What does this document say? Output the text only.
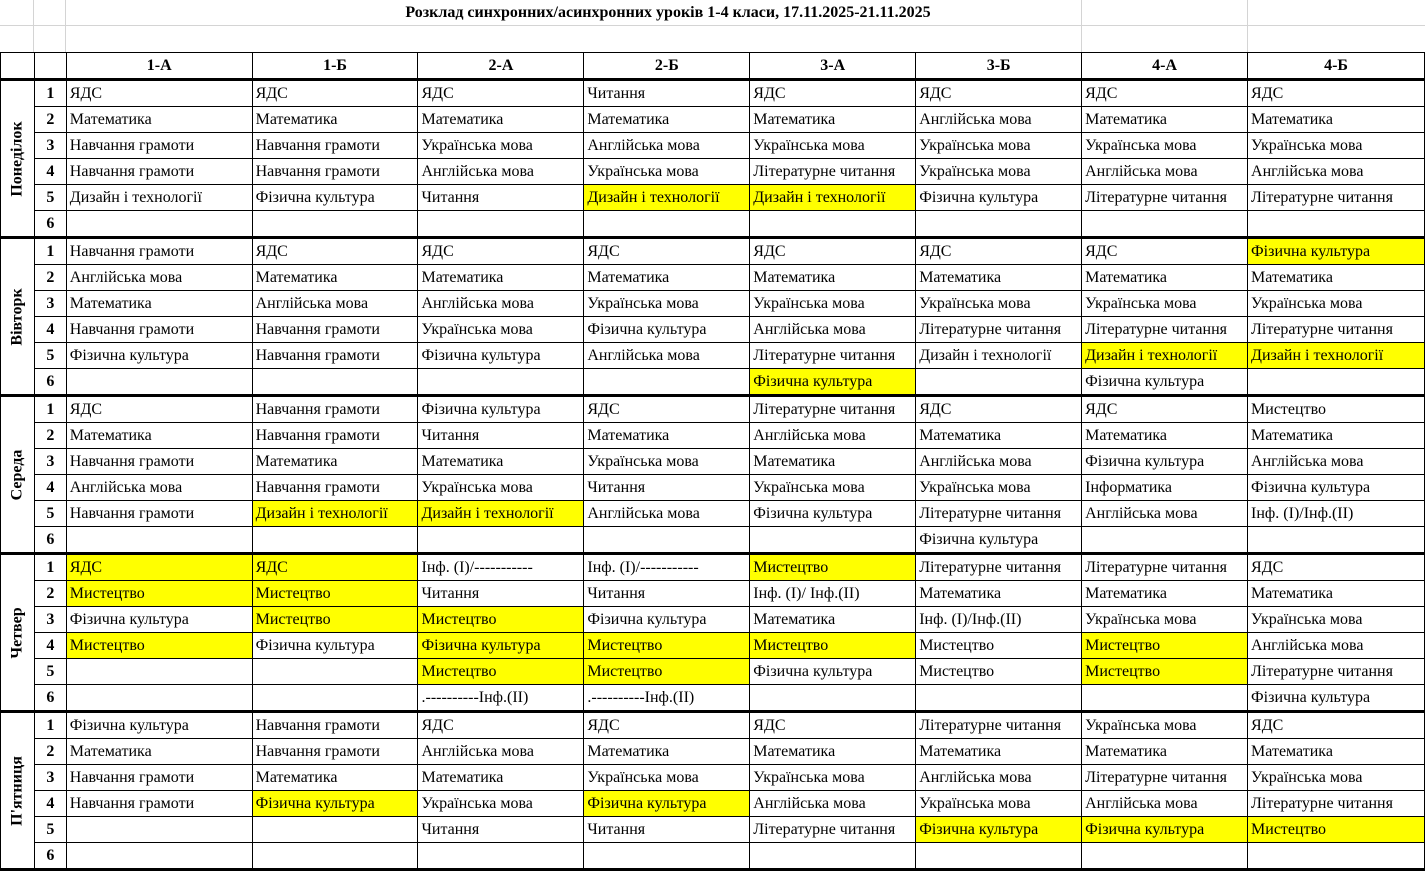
Розклад синхронних/асинхронних уроків 1-4 класи, 17.11.2025-21.11.2025
		1-А	1-Б	2-А	2-Б	3-А	3-Б	4-А	4-Б

Понеділок	1	ЯДС	ЯДС	ЯДС	Читання	ЯДС	ЯДС	ЯДС	ЯДС
	2	Математика	Математика	Математика	Математика	Математика	Англійська мова	Математика	Математика
	3	Навчання грамоти	Навчання грамоти	Українська мова	Англійська мова	Українська мова	Українська мова	Українська мова	Українська мова
	4	Навчання грамоти	Навчання грамоти	Англійська мова	Українська мова	Літературне читання	Українська мова	Англійська мова	Англійська мова
	5	Дизайн і технології	Фізична культура	Читання	Дизайн і технології	Дизайн і технології	Фізична культура	Літературне читання	Літературне читання
	6								

Вівторк	1	Навчання грамоти	ЯДС	ЯДС	ЯДС	ЯДС	ЯДС	ЯДС	Фізична культура
	2	Англійська мова	Математика	Математика	Математика	Математика	Математика	Математика	Математика
	3	Математика	Англійська мова	Англійська мова	Українська мова	Українська мова	Українська мова	Українська мова	Українська мова
	4	Навчання грамоти	Навчання грамоти	Українська мова	Фізична культура	Англійська мова	Літературне читання	Літературне читання	Літературне читання
	5	Фізична культура	Навчання грамоти	Фізична культура	Англійська мова	Літературне читання	Дизайн і технології	Дизайн і технології	Дизайн і технології
	6					Фізична культура		Фізична культура	

Середа	1	ЯДС	Навчання грамоти	Фізична культура	ЯДС	Літературне читання	ЯДС	ЯДС	Мистецтво
	2	Математика	Навчання грамоти	Читання	Математика	Англійська мова	Математика	Математика	Математика
	3	Навчання грамоти	Математика	Математика	Українська мова	Математика	Англійська мова	Фізична культура	Англійська мова
	4	Англійська мова	Навчання грамоти	Українська мова	Читання	Українська мова	Українська мова	Інформатика	Фізична культура
	5	Навчання грамоти	Дизайн і технології	Дизайн і технології	Англійська мова	Фізична культура	Літературне читання	Англійська мова	Інф. (І)/Інф.(ІІ)
	6						Фізична культура		

Четвер	1	ЯДС	ЯДС	Інф. (І)/-----------	Інф. (І)/-----------	Мистецтво	Літературне читання	Літературне читання	ЯДС
	2	Мистецтво	Мистецтво	Читання	Читання	Інф. (І)/ Інф.(ІІ)	Математика	Математика	Математика
	3	Фізична культура	Мистецтво	Мистецтво	Фізична культура	Математика	Інф. (І)/Інф.(ІІ)	Українська мова	Українська мова
	4	Мистецтво	Фізична культура	Фізична культура	Мистецтво	Мистецтво	Мистецтво	Мистецтво	Англійська мова
	5			Мистецтво	Мистецтво	Фізична культура	Мистецтво	Мистецтво	Літературне читання
	6			.----------Інф.(ІІ)	.----------Інф.(ІІ)				Фізична культура

П'ятниця	1	Фізична культура	Навчання грамоти	ЯДС	ЯДС	ЯДС	Літературне читання	Українська мова	ЯДС
	2	Математика	Навчання грамоти	Англійська мова	Математика	Математика	Математика	Математика	Математика
	3	Навчання грамоти	Математика	Математика	Українська мова	Українська мова	Англійська мова	Літературне читання	Українська мова
	4	Навчання грамоти	Фізична культура	Українська мова	Фізична культура	Англійська мова	Українська мова	Англійська мова	Літературне читання
	5			Читання	Читання	Літературне читання	Фізична культура	Фізична культура	Мистецтво
	6								
